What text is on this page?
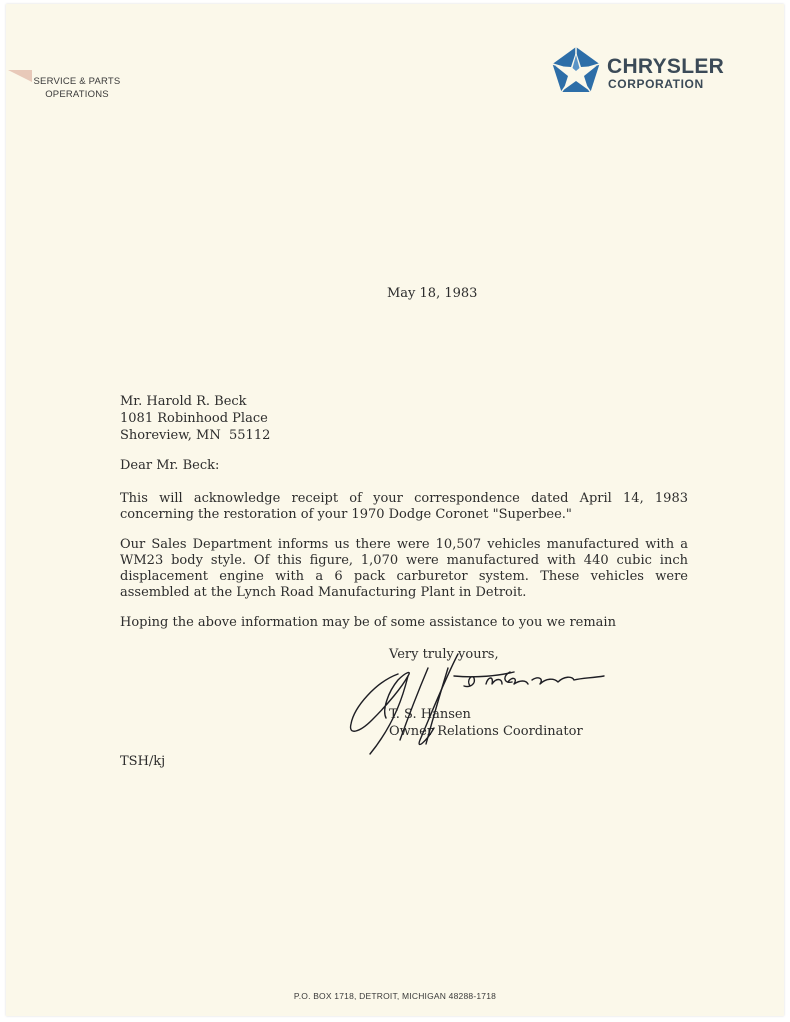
SERVICE & PARTS
OPERATIONS
CHRYSLER
CORPORATION
May 18, 1983
Mr. Harold R. Beck
1081 Robinhood Place
Shoreview, MN  55112
Dear Mr. Beck:
This will acknowledge receipt of your correspondence dated April 14, 1983 concerning the restoration of your 1970 Dodge Coronet "Superbee."
Our Sales Department informs us there were 10,507 vehicles manufactured with a WM23 body style. Of this figure, 1,070 were manufactured with 440 cubic inch displacement engine with a 6 pack carburetor system. These vehicles were assembled at the Lynch Road Manufacturing Plant in Detroit.
Hoping the above information may be of some assistance to you we remain
Very truly yours,
T. S. Hansen
Owner Relations Coordinator
TSH/kj
P.O. BOX 1718, DETROIT, MICHIGAN 48288-1718
